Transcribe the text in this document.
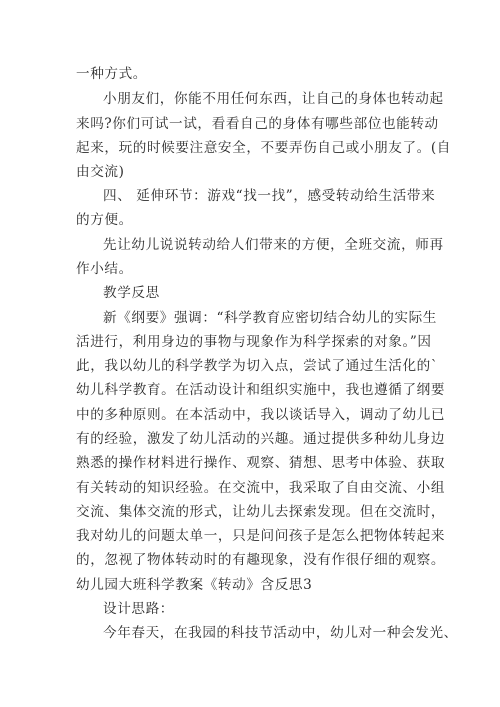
一种方式。
小朋友们，你能不用任何东西，让自己的身体也转动起
来吗?你们可试一试，看看自己的身体有哪些部位也能转动
起来，玩的时候要注意安全，不要弄伤自己或小朋友了。(自
由交流)
四、 延伸环节：游戏“找一找”，感受转动给生活带来
的方便。
先让幼儿说说转动给人们带来的方便，全班交流，师再
作小结。
教学反思
新《纲要》强调：“科学教育应密切结合幼儿的实际生
活进行，利用身边的事物与现象作为科学探索的对象。”因
此，我以幼儿的科学教学为切入点，尝试了通过生活化的`
幼儿科学教育。在活动设计和组织实施中，我也遵循了纲要
中的多种原则。在本活动中，我以谈话导入，调动了幼儿已
有的经验，激发了幼儿活动的兴趣。通过提供多种幼儿身边
熟悉的操作材料进行操作、观察、猜想、思考中体验、获取
有关转动的知识经验。在交流中，我采取了自由交流、小组
交流、集体交流的形式，让幼儿去探索发现。但在交流时，
我对幼儿的问题太单一，只是问问孩子是怎么把物体转起来
的，忽视了物体转动时的有趣现象，没有作很仔细的观察。
幼儿园大班科学教案《转动》含反思3
设计思路：
今年春天，在我园的科技节活动中，幼儿对一种会发光、
